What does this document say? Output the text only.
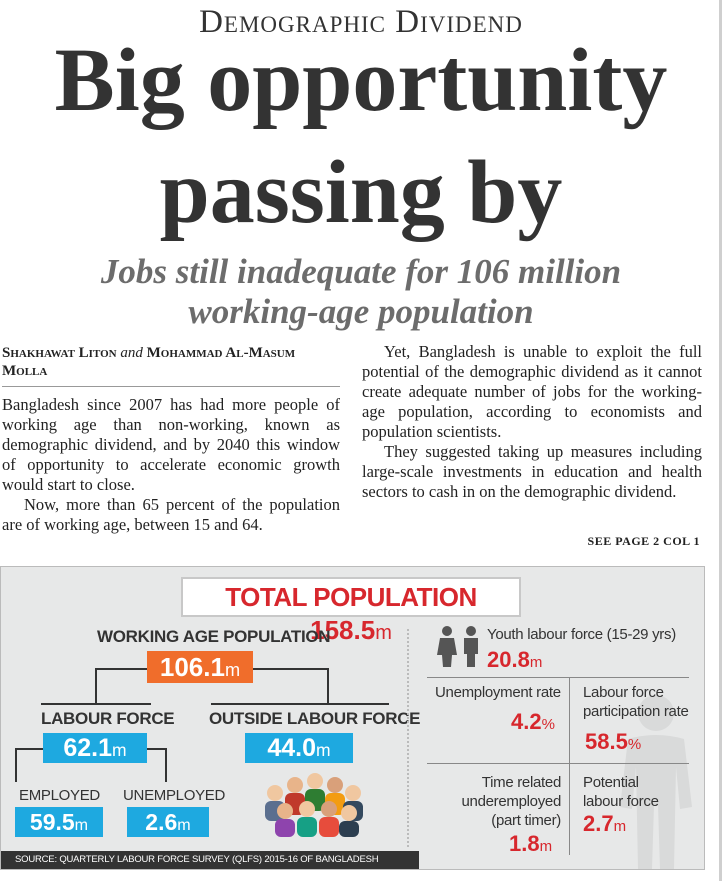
Demographic Dividend
Big opportunity
passing by
Jobs still inadequate for 106 million
working-age population
Shakhawat Liton and Mohammad Al-Masum Molla

Bangladesh since 2007 has had more people of working age than non-working, known as demographic dividend, and by 2040 this window of opportunity to accelerate economic growth would start to close.

Now, more than 65 percent of the population are of working age, between 15 and 64.

Yet, Bangladesh is unable to exploit the full potential of the demographic dividend as it cannot create adequate number of jobs for the working-age population, according to economists and population scientists.

They suggested taking up measures including large-scale investments in education and health sectors to cash in on the demographic dividend.

SEE PAGE 2 COL 1
TOTAL POPULATION 158.5m
WORKING AGE POPULATION
106.1m
LABOUR FORCE
62.1m
OUTSIDE LABOUR FORCE
44.0m
EMPLOYED
59.5m
UNEMPLOYED
2.6m
Youth labour force (15-29 yrs)
20.8m
Unemployment rate
4.2%
Labour force
participation rate
58.5%
Time related
underemployed
(part timer)
1.8m
Potential
labour force
2.7m
SOURCE: QUARTERLY LABOUR FORCE SURVEY (QLFS) 2015-16 OF BANGLADESH BUREAU OF STATISTICS
